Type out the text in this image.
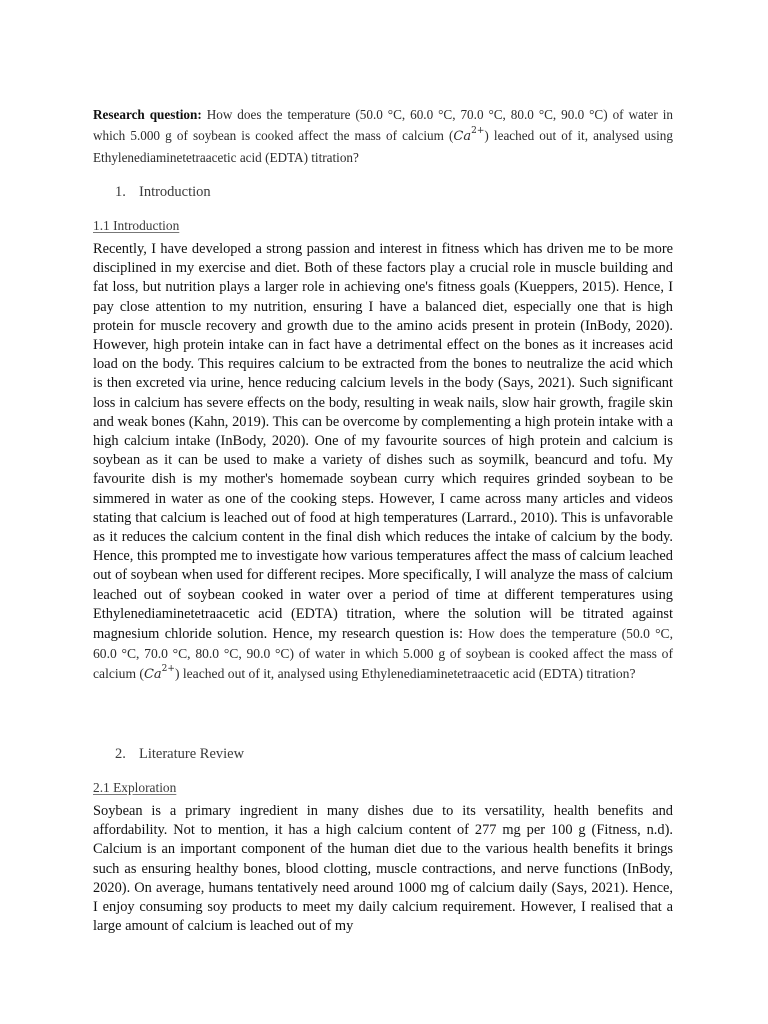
Research question: How does the temperature (50.0 °C, 60.0 °C, 70.0 °C, 80.0 °C, 90.0 °C) of water in which 5.000 g of soybean is cooked affect the mass of calcium $(Ca^{2+})$ leached out of it, analysed using Ethylenediaminetetraacetic acid (EDTA) titration?

1. Introduction

1.1 Introduction

Recently, I have developed a strong passion and interest in fitness which has driven me to be more disciplined in my exercise and diet. Both of these factors play a crucial role in muscle building and fat loss, but nutrition plays a larger role in achieving one's fitness goals (Kueppers, 2015). Hence, I pay close attention to my nutrition, ensuring I have a balanced diet, especially one that is high protein for muscle recovery and growth due to the amino acids present in protein (InBody, 2020). However, high protein intake can in fact have a detrimental effect on the bones as it increases acid load on the body. This requires calcium to be extracted from the bones to neutralize the acid which is then excreted via urine, hence reducing calcium levels in the body (Says, 2021). Such significant loss in calcium has severe effects on the body, resulting in weak nails, slow hair growth, fragile skin and weak bones (Kahn, 2019). This can be overcome by complementing a high protein intake with a high calcium intake (InBody, 2020). One of my favourite sources of high protein and calcium is soybean as it can be used to make a variety of dishes such as soymilk, beancurd and tofu. My favourite dish is my mother's homemade soybean curry which requires grinded soybean to be simmered in water as one of the cooking steps. However, I came across many articles and videos stating that calcium is leached out of food at high temperatures (Larrard., 2010). This is unfavorable as it reduces the calcium content in the final dish which reduces the intake of calcium by the body. Hence, this prompted me to investigate how various temperatures affect the mass of calcium leached out of soybean when used for different recipes. More specifically, I will analyze the mass of calcium leached out of soybean cooked in water over a period of time at different temperatures using Ethylenediaminetetraacetic acid (EDTA) titration, where the solution will be titrated against magnesium chloride solution. Hence, my research question is: How does the temperature (50.0 °C, 60.0 °C, 70.0 °C, 80.0 °C, 90.0 °C) of water in which 5.000 g of soybean is cooked affect the mass of calcium $(Ca^{2+})$ leached out of it, analysed using Ethylenediaminetetraacetic acid (EDTA) titration?

2. Literature Review

2.1 Exploration

Soybean is a primary ingredient in many dishes due to its versatility, health benefits and affordability. Not to mention, it has a high calcium content of 277 mg per 100 g (Fitness, n.d). Calcium is an important component of the human diet due to the various health benefits it brings such as ensuring healthy bones, blood clotting, muscle contractions, and nerve functions (InBody, 2020). On average, humans tentatively need around 1000 mg of calcium daily (Says, 2021). Hence, I enjoy consuming soy products to meet my daily calcium requirement. However, I realised that a large amount of calcium is leached out of my
